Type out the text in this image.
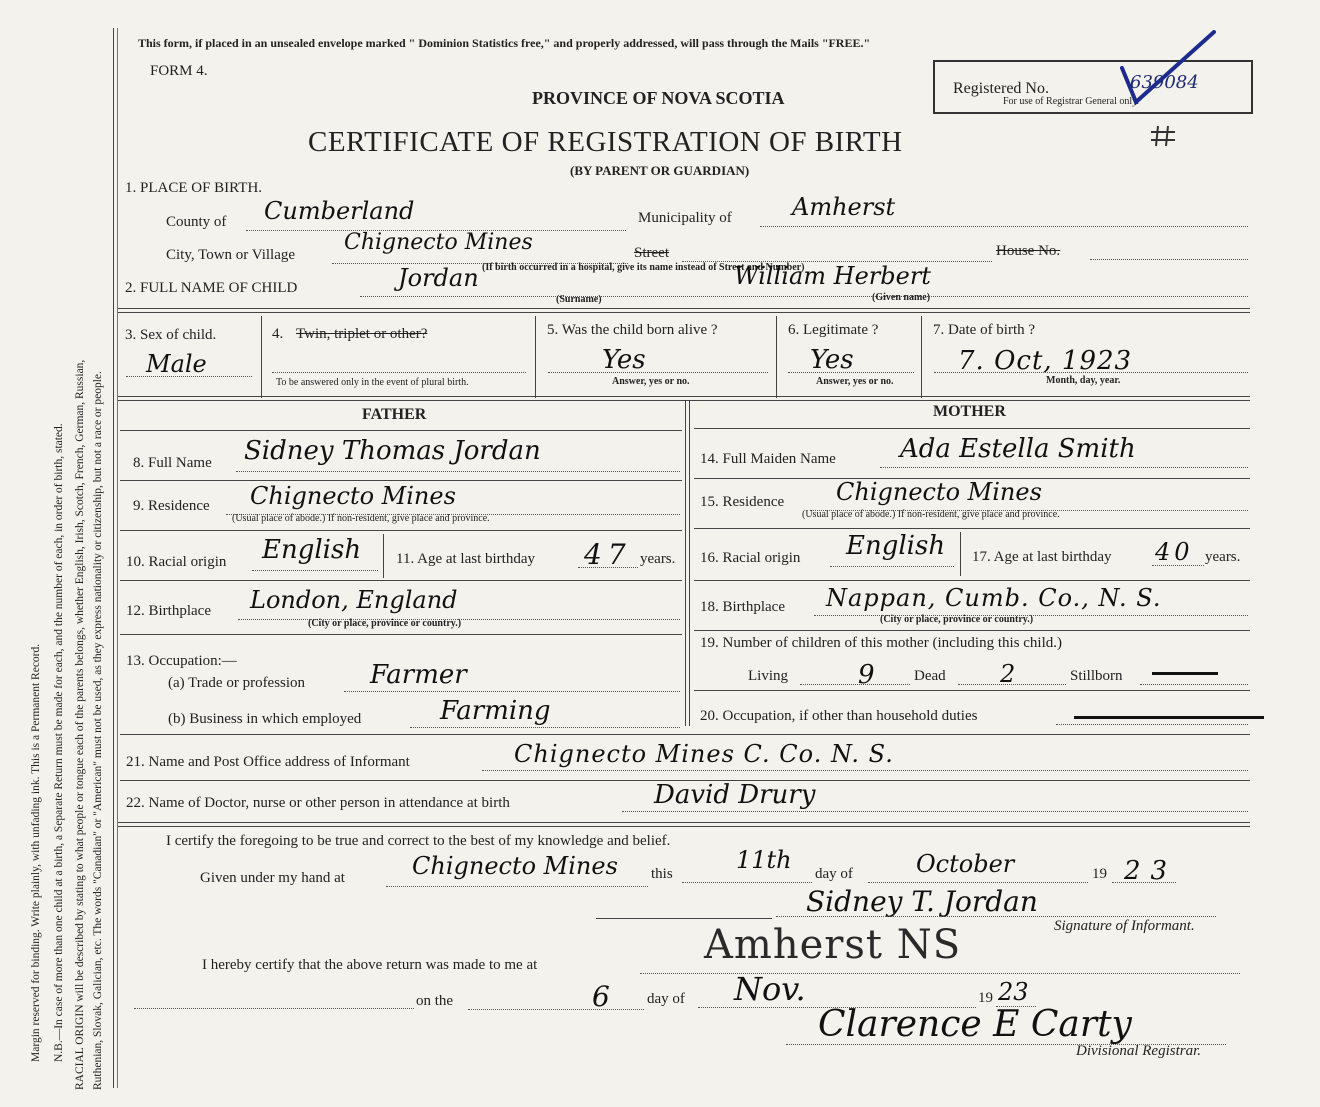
Margin reserved for binding. Write plainly, with unfading ink. This is a Permanent Record. N.B.—In case of more than one child at a birth, a Separate Return must be made for each, and the number of each, in order of birth, stated. RACIAL ORIGIN will be described by stating to what people or tongue each of the parents belongs, whether English, Irish, Scotch, French, German, Russian, Ruthenian, Slovak, Galician, etc. The words "Canadian" or "American" must not be used, as they express nationality or citizenship, but not a race or people.
This form, if placed in an unsealed envelope marked " Dominion Statistics free," and properly addressed, will pass through the Mails "FREE."
FORM 4.
PROVINCE OF NOVA SCOTIA
CERTIFICATE OF REGISTRATION OF BIRTH
(BY PARENT OR GUARDIAN)
Registered No.	639084
For use of Registrar General only.
1. PLACE OF BIRTH.
County of Cumberland	Municipality of	Amherst
City, Town or Village Chignecto Mines	Street	House No.
(If birth occurred in a hospital, give its name instead of Street and Number)
2. FULL NAME OF CHILD	Jordan
(Surname)
William Herbert
(Given name)
3. Sex of child.
Male
4. Twin, triplet or other?
To be answered only in the event of plural birth.
5. Was the child born alive ?
Yes
Answer, yes or no.
6. Legitimate ?
Yes
Answer, yes or no.
7. Date of birth ?
7. Oct, 1923
Month, day, year.
FATHER	MOTHER
8. Full Name Sidney Thomas Jordan
9. Residence Chignecto Mines
(Usual place of abode.) If non-resident, give place and province.
10. Racial origin English 11. Age at last birthday 47 years.
12. Birthplace London, England
(City or place, province or country.)
13. Occupation:—
(a) Trade or profession Farmer
(b) Business in which employed	Farming
14. Full Maiden Name Ada Estella Smith
15. Residence Chignecto Mines
(Usual place of abode.) If non-resident, give place and province.
16. Racial origin English 17. Age at last birthday 40 years.
18. Birthplace Nappan, Cumb. Co., N. S.
(City or place, province or country.)
19. Number of children of this mother (including this child.)
Living	9	Dead 2	Stillborn
20. Occupation, if other than household duties
21. Name and Post Office address of Informant	Chignecto Mines C. Co. N. S.
22. Name of Doctor, nurse or other person in attendance at birth	David Drury
I certify the foregoing to be true and correct to the best of my knowledge and belief.
Given under my hand at	Chignecto Mines this	11th day of	October	19 23
Sidney T. Jordan
Signature of Informant.
I hereby certify that the above return was made to me at	Amherst NS
on the	6 day of Nov.	19 23
Clarence E Carty
Divisional Registrar.
